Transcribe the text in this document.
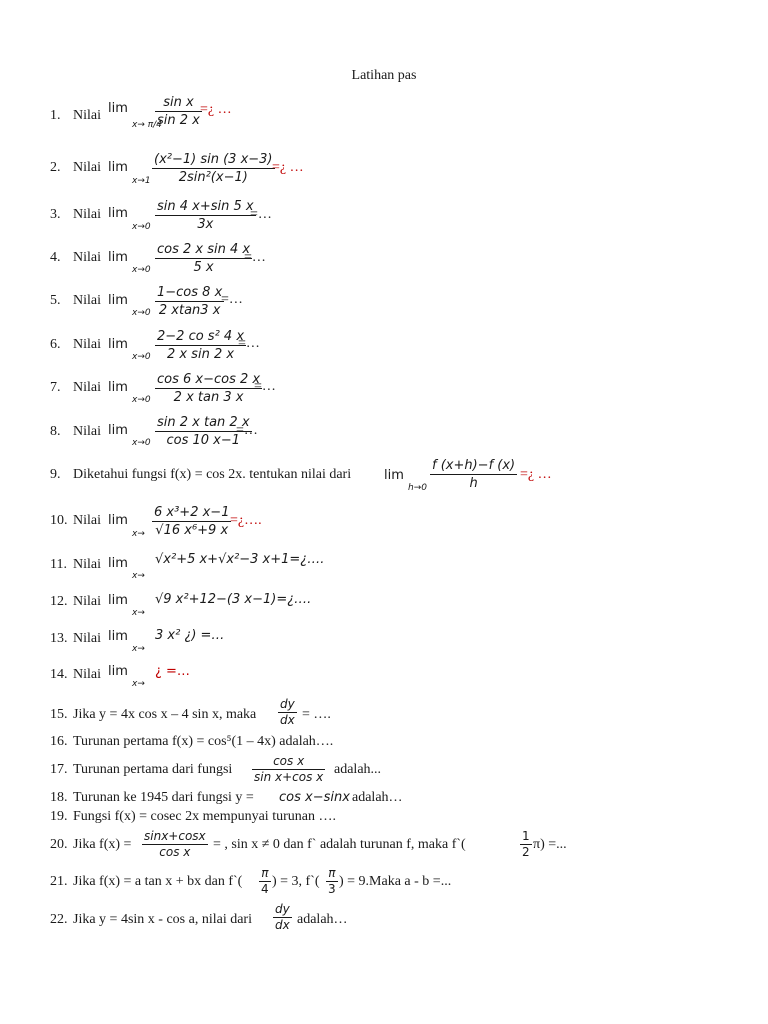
Latihan pas
1. Nilai lim
x→ π/4
$\frac{\text{sin x}}{\sin 2 x}$
=¿ …
2. Nilai lim
$x\to 1 \frac{\text{(x²−1) sin (3 x−3)}}{\text{2sin²(x−1)}}$
=¿ …
3. Nilai lim
$x\to 0 \frac{\sin 4 x+\sin 5 x}{3x}$
=…
4. Nilai lim
$x\to 0 \frac{\text{cos 2 x sin 4 x}}{5 x}$
=…
5. Nilai lim
$x\to 0 \frac{1-\cos 8 x}{2 xtan3 x}$
=…
6. Nilai lim
$x\to 0 \frac{\text{2−2 co s² 4 x}}{\text{2 x sin 2 x}}$
=…
7. Nilai lim
$x\to 0 \frac{\cos 6 x-\cos 2 x}{\text{2 x tan 3 x}}$
=…
8. Nilai lim
$x\to 0 \frac{\text{sin 2 x tan 2 x}}{\cos 10 x-1}$
=…
9. Diketahui fungsi f(x) = cos 2x. tentukan nilai dari	lim
$h\to 0 \frac{f (x+h)-f (x)}{h}$ =¿ …
10. Nilai lim
$x\to \frac{\text{6 x³+2 x−1}}{\text{√16 x⁶+9 x}}$
=¿….
11. Nilai lim
x→
√x²+5 x+√x²−3 x+1=¿….
12. Nilai lim
x→
√9 x²+12−(3 x−1)=¿….
13. Nilai lim
x→
3 x² ¿) =…
14. Nilai lim
x→
¿ =…
15. Jika y = 4x cos x – 4 sin x, maka $\frac{dy}{dx}$ = ….
16. Turunan pertama f(x) = cos⁵(1 – 4x) adalah….
17. Turunan pertama dari fungsi $\frac{\text{cos x}}{\text{sin x+cos x}}$ adalah...
18. Turunan ke 1945 dari fungsi y = cos x−sinx adalah…
19. Fungsi f(x) = cosec 2x mempunyai turunan ….
20. Jika $f(x) = \frac{\sin x+\cos x}{\text{cos x}}$ = , sin x ≠ 0 dan f` adalah turunan f, maka f`(	$\frac{1}{2} \pi$) =...
21. Jika f(x) = a tan x + bx dan f`( $\frac{\pi}{4}$ ) = 3, f`( $\frac{\pi}{3}$ ) = 9.Maka a - b =...
22. Jika y = 4sin x - cos a, nilai dari $\frac{dy}{dx}$ adalah…
